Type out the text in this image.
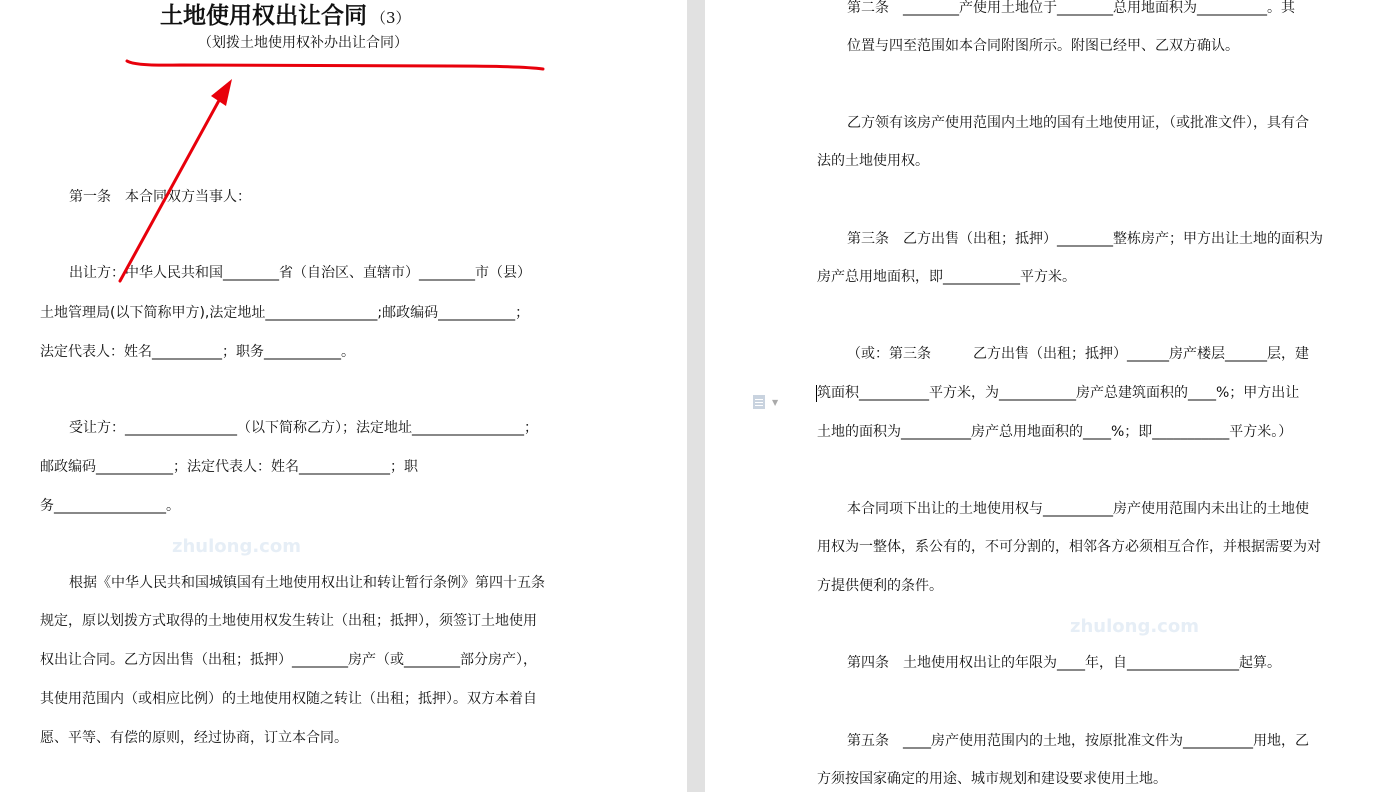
土地使用权出让合同 （3）
（划拨土地使用权补办出让合同）
zhulong.com
第一条　本合同双方当事人：
出让方：中华人民共和国________省（自治区、直辖市）________市（县）
土地管理局(以下简称甲方),法定地址________________;邮政编码___________；
法定代表人：姓名__________；职务___________。
受让方：________________（以下简称乙方）；法定地址________________；
邮政编码___________；法定代表人：姓名_____________；职
务________________。
根据《中华人民共和国城镇国有土地使用权出让和转让暂行条例》第四十五条
规定，原以划拨方式取得的土地使用权发生转让（出租；抵押），须签订土地使用
权出让合同。乙方因出售（出租；抵押）________房产（或________部分房产），
其使用范围内（或相应比例）的土地使用权随之转让（出租；抵押）。双方本着自
愿、平等、有偿的原则，经过协商，订立本合同。
zhulong.com
第二条　________产使用土地位于________总用地面积为__________。其
位置与四至范围如本合同附图所示。附图已经甲、乙双方确认。
乙方领有该房产使用范围内土地的国有土地使用证，（或批准文件），具有合
法的土地使用权。
第三条　乙方出售（出租；抵押）________整栋房产；甲方出让土地的面积为
房产总用地面积，即___________平方米。
（或：第三条　　　乙方出售（出租；抵押）______房产楼层______层，建
筑面积__________平方米，为___________房产总建筑面积的____%；甲方出让
土地的面积为__________房产总用地面积的____%；即___________平方米。）
本合同项下出让的土地使用权与__________房产使用范围内未出让的土地使
用权为一整体，系公有的，不可分割的，相邻各方必须相互合作，并根据需要为对
方提供便利的条件。
第四条　土地使用权出让的年限为____年，自________________起算。
第五条　____房产使用范围内的土地，按原批准文件为__________用地，乙
方须按国家确定的用途、城市规划和建设要求使用土地。
▼
